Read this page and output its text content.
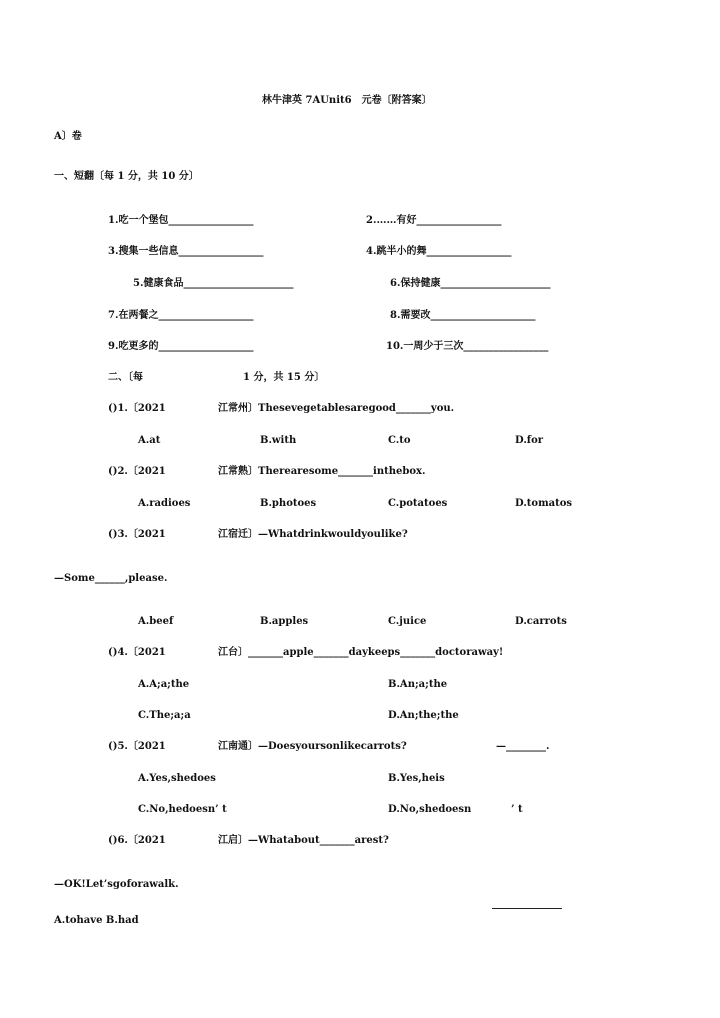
林牛津英 7AUnit6　元卷〔附答案〕
A〕卷
一、短翻〔每 1 分，共 10 分〕
1.吃一个堡包_________________	2.……有好_________________
3.搜集一些信息_________________	4.跳半小的舞_________________
5.健康食品______________________	6.保持健康______________________
7.在两餐之___________________	8.需要改_____________________
9.吃更多的___________________	10.一周少于三次_________________
二、〔每	1 分，共 15 分〕
()1.〔2021	江常州〕Thesevegetablesaregood_______you.
A.at	B.with	C.to	D.for
()2.〔2021	江常熟〕Therearesome_______inthebox.
A.radioes	B.photoes	C.potatoes	D.tomatos
()3.〔2021	江宿迁〕—Whatdrinkwouldyoulike?
—Some______,please.
A.beef	B.apples	C.juice	D.carrots
()4.〔2021	江台〕_______apple_______daykeeps_______doctoraway!
A.A;a;the	B.An;a;the
C.The;a;a	D.An;the;the
()5.〔2021	江南通〕—Doesyoursonlikecarrots?	—________.
A.Yes,shedoes	B.Yes,heis
C.No,hedoesn’ t	D.No,shedoesn	’ t
()6.〔2021	江启〕—Whatabout_______arest?
—OK!Let’sgoforawalk.
A.tohave B.had
